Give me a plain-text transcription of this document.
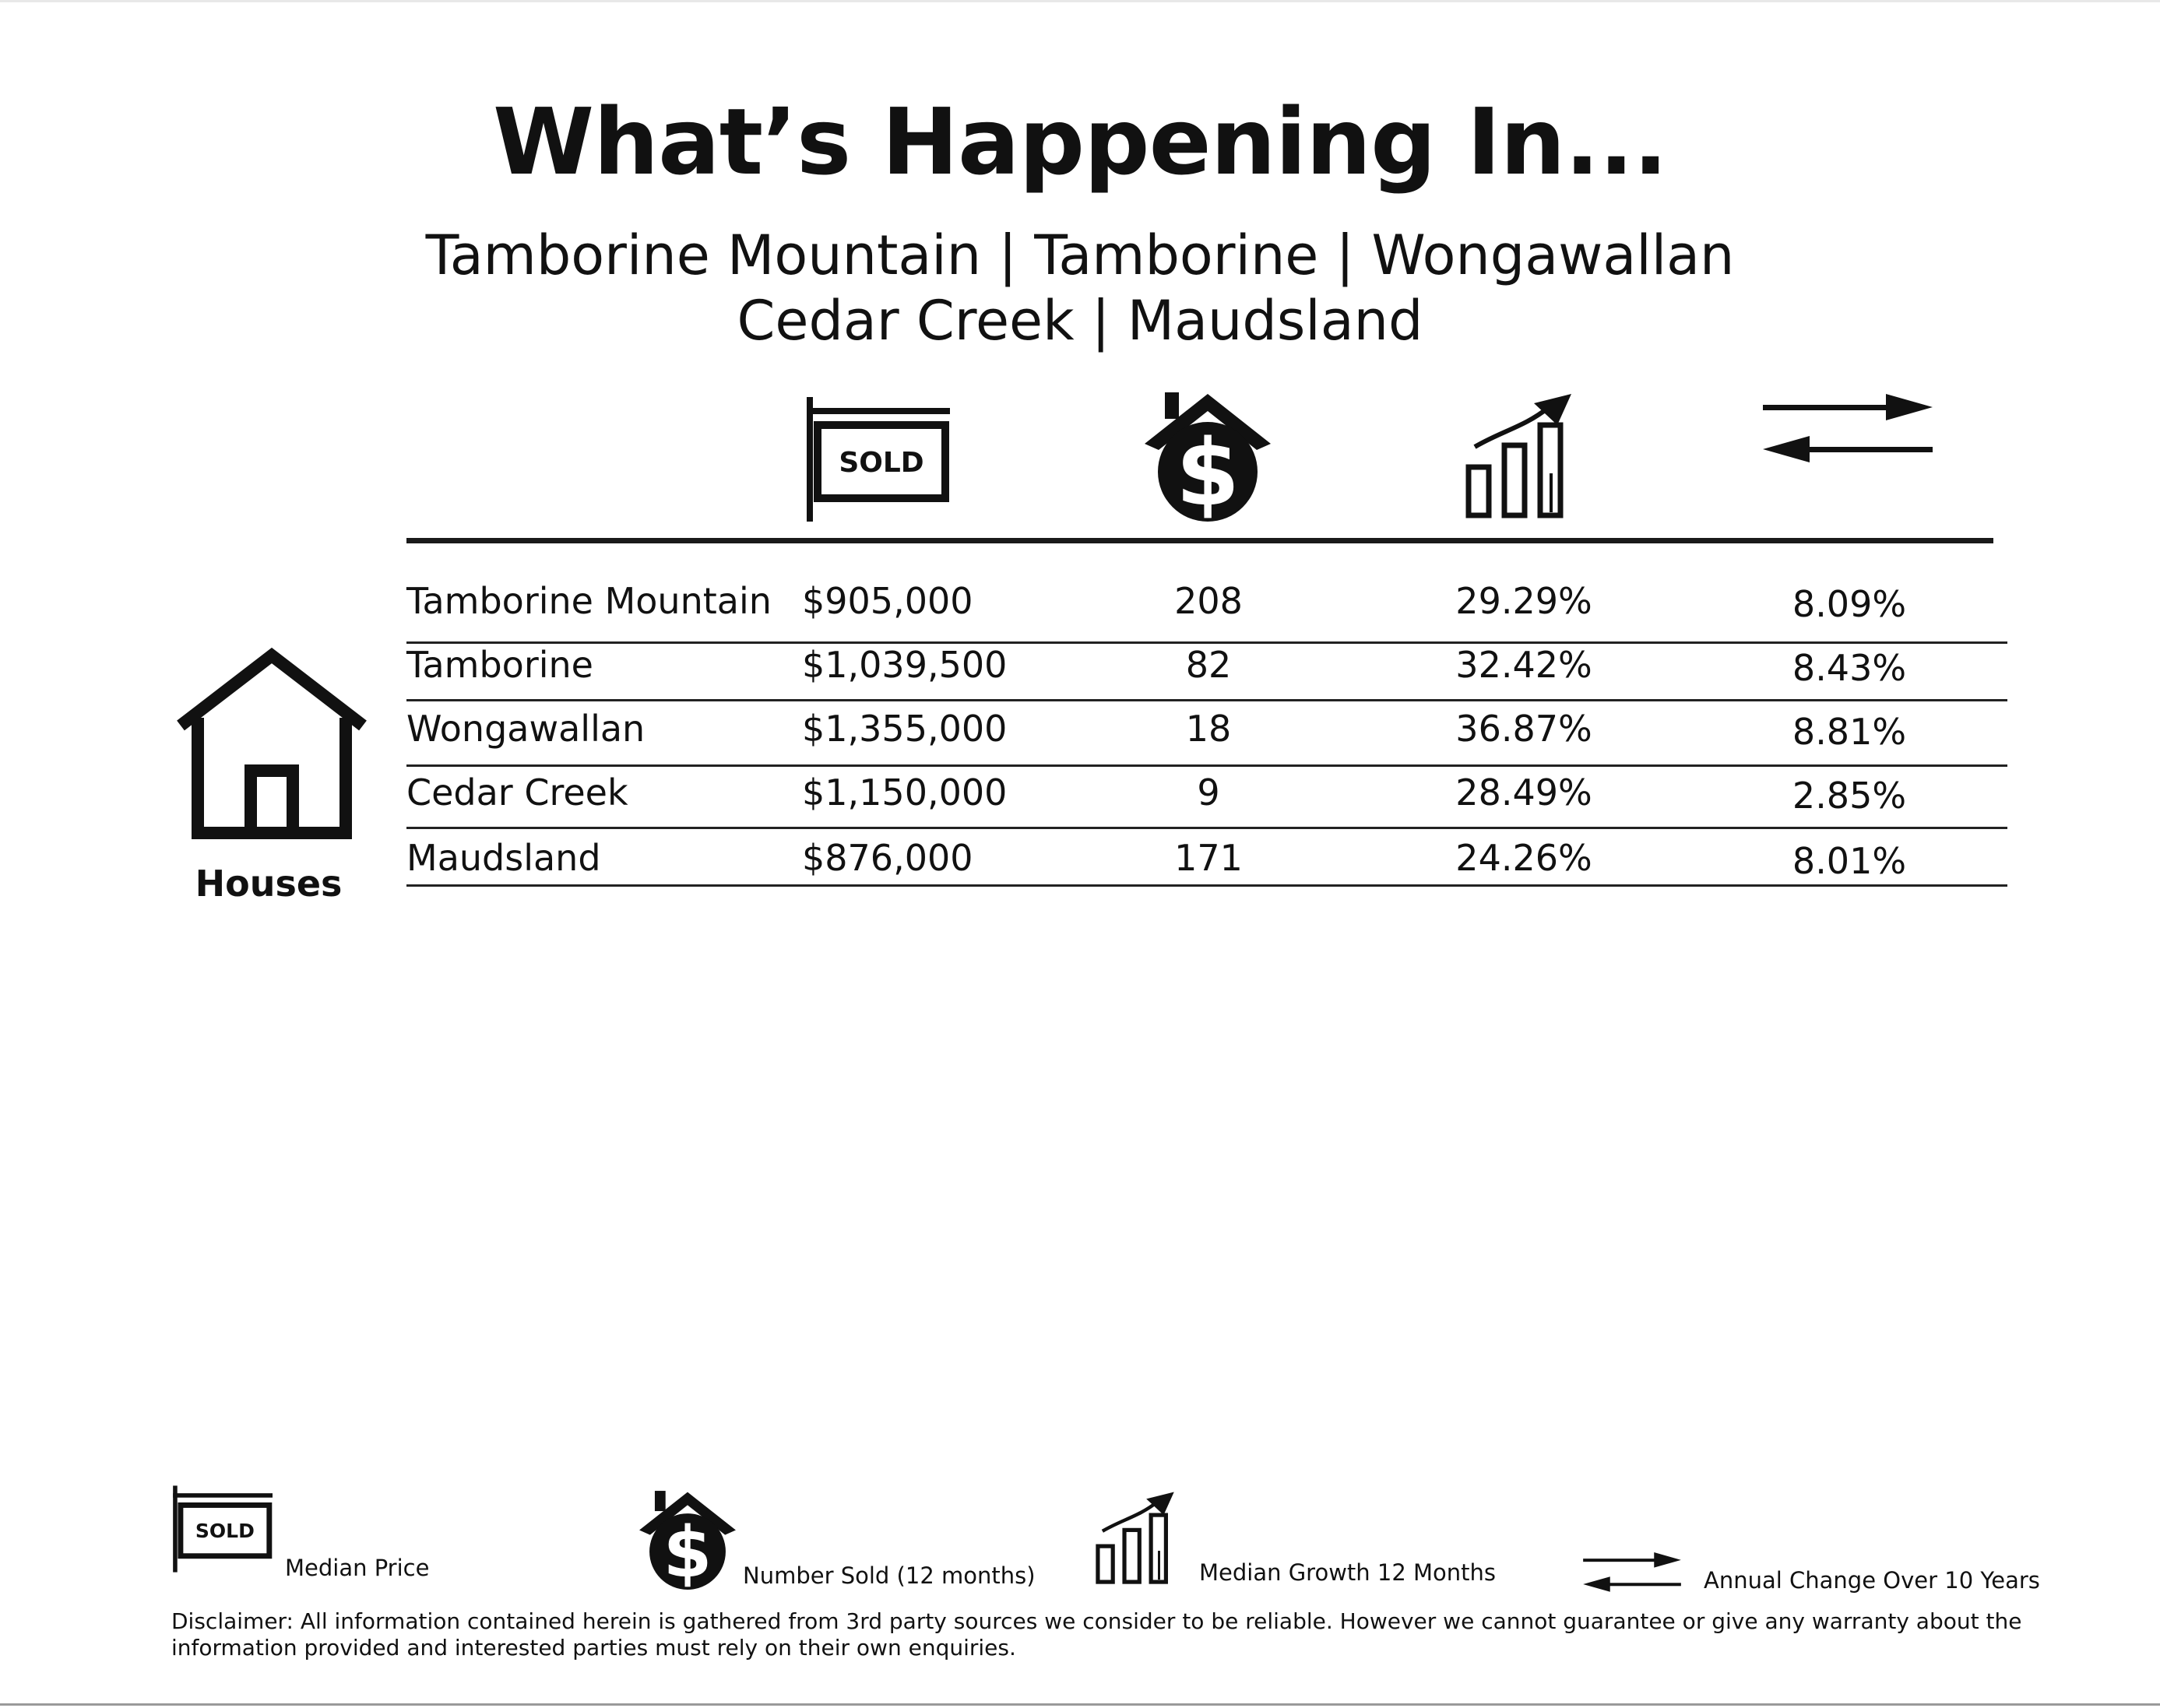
What’s Happening In...
Tamborine Mountain | Tamborine | Wongawallan
Cedar Creek | Maudsland
SOLD	$
Houses
Tamborine Mountain $905,000	208	29.29%	8.09%
Tamborine	$1,039,500	82	32.42%	8.43%
Wongawallan	$1,355,000	18	36.87%	8.81%
Cedar Creek	$1,150,000	9	28.49%	2.85%
Maudsland	$876,000	171	24.26%	8.01%
SOLD
Median Price	$ Number Sold (12 months)	Median Growth 12 Months	Annual Change Over 10 Years
Disclaimer: All information contained herein is gathered from 3rd party sources we consider to be reliable. However we cannot guarantee or give any warranty about the information provided and interested parties must rely on their own enquiries.
